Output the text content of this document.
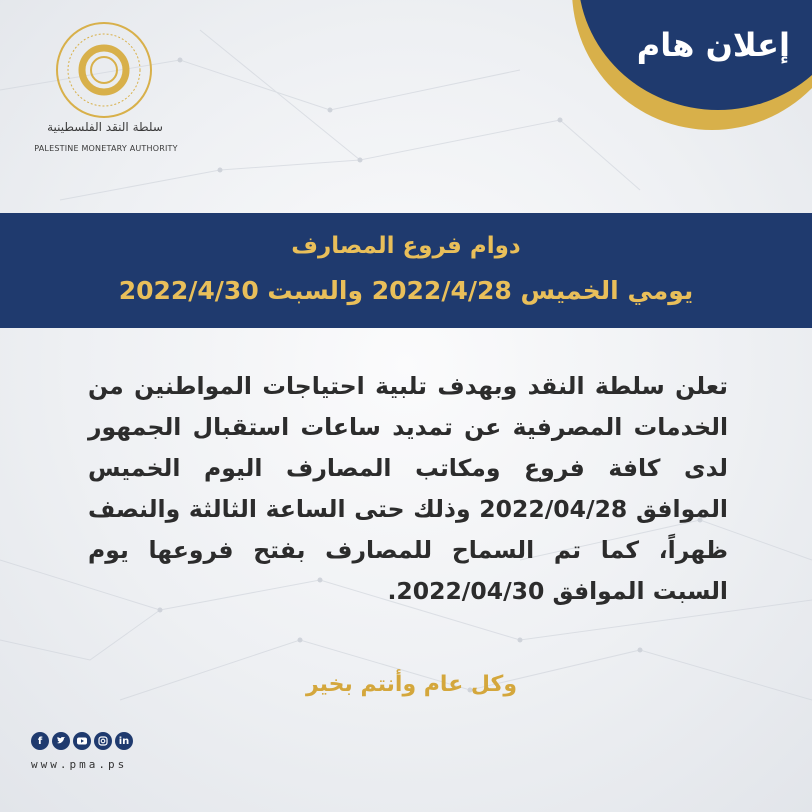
إعلان هام
سلطة النقد الفلسطينية
PALESTINE MONETARY AUTHORITY
دوام فروع المصارف
يومي الخميس 2022/4/28 والسبت 2022/4/30
تعلن سلطة النقد وبهدف تلبية احتياجات المواطنين من الخدمات المصرفية عن تمديد ساعات استقبال الجمهور لدى كافة فروع ومكاتب المصارف اليوم الخميس الموافق 2022/04/28 وذلك حتى الساعة الثالثة والنصف ظهراً، كما تم السماح للمصارف بفتح فروعها يوم السبت الموافق 2022/04/30.
وكل عام وأنتم بخير
f	in
www.pma.ps
